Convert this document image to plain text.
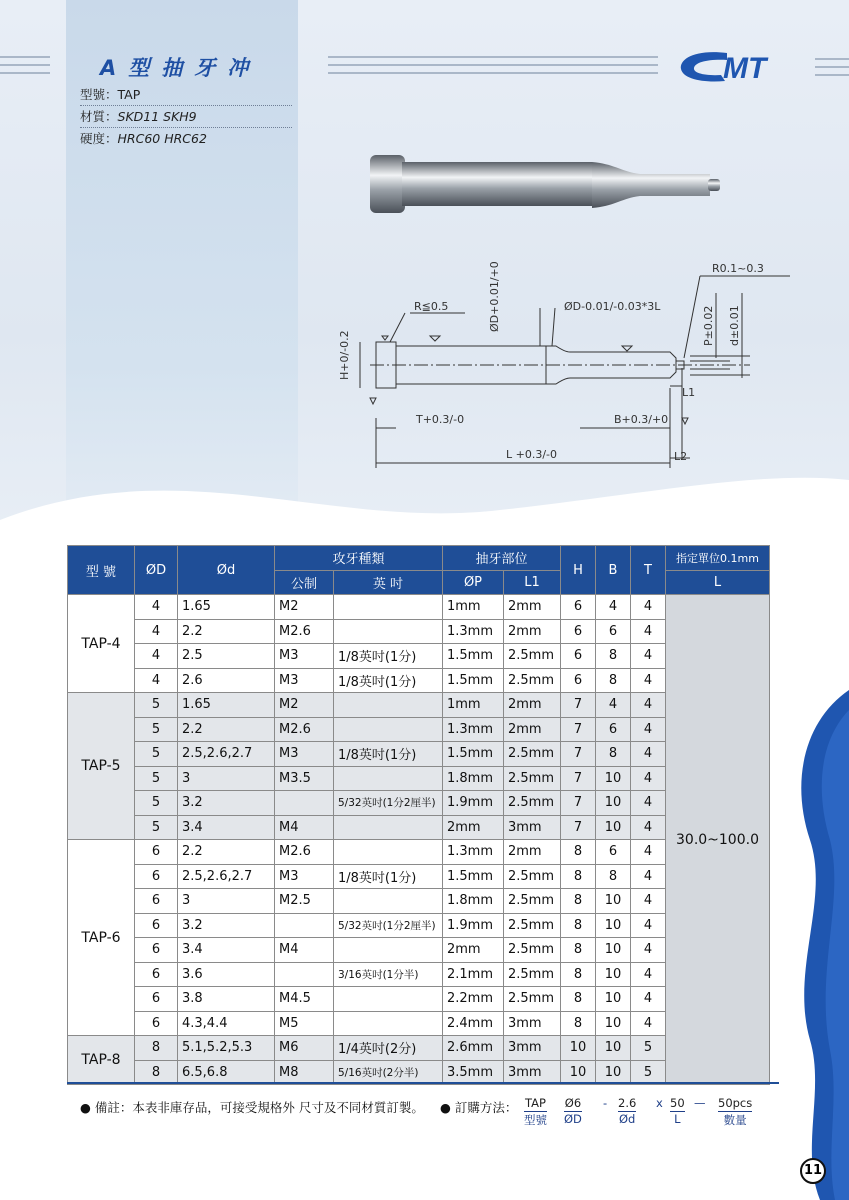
A型抽牙冲
型號：TAP
材質：SKD11 SKH9
硬度：HRC60 HRC62
MT
R≦0.5	ØD-0.01/-0.03*3L
R0.1~0.3
ØD+0.01/+0	P±0.02 d±0.01
H+0/-0.2
T+0.3/-0	B+0.3/+0
L1
L +0.3/-0	L2
型 號	ØD	Ød	攻牙種類		抽牙部位		H	B	T	指定單位0.1mm
			公制	英 吋	ØP	L1				L
TAP-4	4	1.65	M2		1mm	2mm	6	4	4	30.0~100.0
	4	2.2	M2.6		1.3mm	2mm	6	6	4	
	4	2.5	M3	1/8英吋(1分)	1.5mm	2.5mm	6	8	4	
	4	2.6	M3	1/8英吋(1分)	1.5mm	2.5mm	6	8	4	
TAP-5	5	1.65	M2		1mm	2mm	7	4	4	
	5	2.2	M2.6		1.3mm	2mm	7	6	4	
	5	2.5,2.6,2.7	M3	1/8英吋(1分)	1.5mm	2.5mm	7	8	4	
	5	3	M3.5		1.8mm	2.5mm	7	10	4	
	5	3.2		5/32英吋(1分2厘半)	1.9mm	2.5mm	7	10	4	
	5	3.4	M4		2mm	3mm	7	10	4	
TAP-6	6	2.2	M2.6		1.3mm	2mm	8	6	4	
	6	2.5,2.6,2.7	M3	1/8英吋(1分)	1.5mm	2.5mm	8	8	4	
	6	3	M2.5		1.8mm	2.5mm	8	10	4	
	6	3.2		5/32英吋(1分2厘半)	1.9mm	2.5mm	8	10	4	
	6	3.4	M4		2mm	2.5mm	8	10	4	
	6	3.6		3/16英吋(1分半)	2.1mm	2.5mm	8	10	4	
	6	3.8	M4.5		2.2mm	2.5mm	8	10	4	
	6	4.3,4.4	M5		2.4mm	3mm	8	10	4	
TAP-8	8	5.1,5.2,5.3	M6	1/4英吋(2分)	2.6mm	3mm	10	10	5	
	8	6.5,6.8	M8	5/16英吋(2分半)	3.5mm	3mm	10	10	5	
● 備註：本表非庫存品，可接受規格外 尺寸及不同材質訂製。 ● 訂購方法： TAP
型號
Ø6
ØD
- 2.6
Ød
x 50
L
— 50pcs
數量
11
